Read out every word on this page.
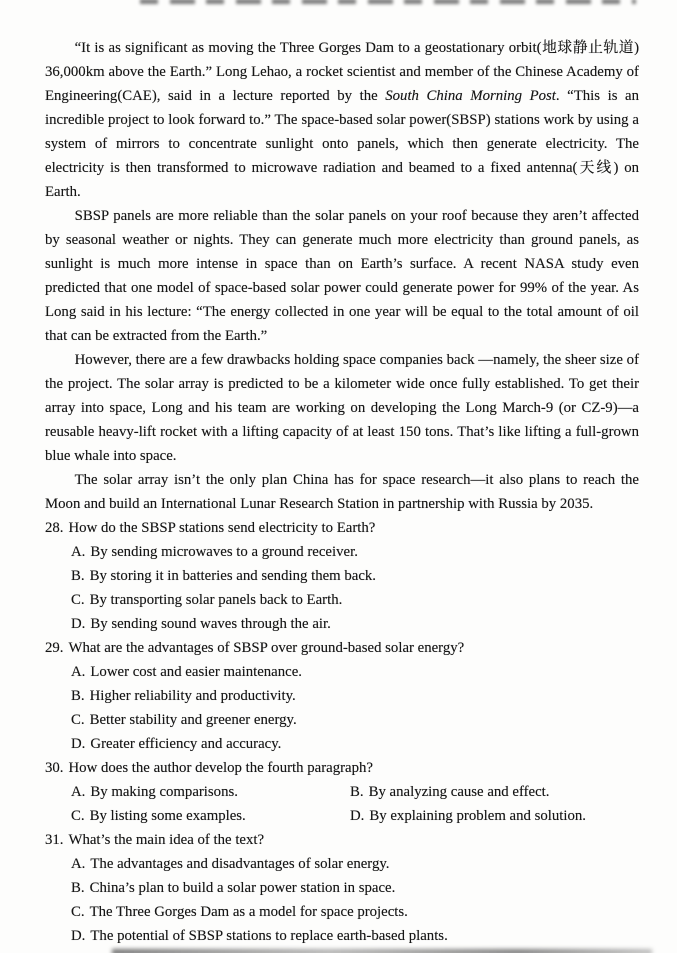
“It is as significant as moving the Three Gorges Dam to a geostationary orbit(地球静止轨道) 36,000km above the Earth.” Long Lehao, a rocket scientist and member of the Chinese Academy of Engineering(CAE), said in a lecture reported by the South China Morning Post. “This is an incredible project to look forward to.” The space-based solar power(SBSP) stations work by using a system of mirrors to concentrate sunlight onto panels, which then generate electricity. The electricity is then transformed to microwave radiation and beamed to a fixed antenna(天线) on Earth.

SBSP panels are more reliable than the solar panels on your roof because they aren’t affected by seasonal weather or nights. They can generate much more electricity than ground panels, as sunlight is much more intense in space than on Earth’s surface. A recent NASA study even predicted that one model of space-based solar power could generate power for 99% of the year. As Long said in his lecture: “The energy collected in one year will be equal to the total amount of oil that can be extracted from the Earth.”

However, there are a few drawbacks holding space companies back —namely, the sheer size of the project. The solar array is predicted to be a kilometer wide once fully established. To get their array into space, Long and his team are working on developing the Long March-9 (or CZ-9)—a reusable heavy-lift rocket with a lifting capacity of at least 150 tons. That’s like lifting a full-grown blue whale into space.

The solar array isn’t the only plan China has for space research—it also plans to reach the Moon and build an International Lunar Research Station in partnership with Russia by 2035.

28. How do the SBSP stations send electricity to Earth?
A. By sending microwaves to a ground receiver.
B. By storing it in batteries and sending them back.
C. By transporting solar panels back to Earth.
D. By sending sound waves through the air.
29. What are the advantages of SBSP over ground-based solar energy?
A. Lower cost and easier maintenance.
B. Higher reliability and productivity.
C. Better stability and greener energy.
D. Greater efficiency and accuracy.
30. How does the author develop the fourth paragraph?
A. By making comparisons.	B. By analyzing cause and effect.
C. By listing some examples.	D. By explaining problem and solution.
31. What’s the main idea of the text?
A. The advantages and disadvantages of solar energy.
B. China’s plan to build a solar power station in space.
C. The Three Gorges Dam as a model for space projects.
D. The potential of SBSP stations to replace earth-based plants.
